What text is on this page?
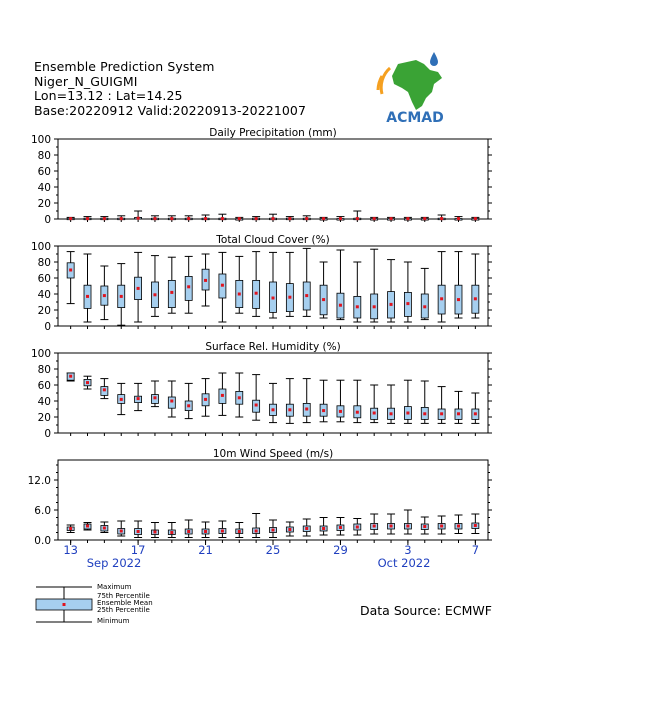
Ensemble Prediction System
Niger_N_GUIGMI
Lon=13.12 : Lat=14.25
Base:20220912 Valid:20220913-20221007	ACMAD
Daily Precipitation (mm)
0
20
40
60
80
100
Total Cloud Cover (%)
0
20
40
60
80
100
Surface Rel. Humidity (%)
0
20
40
60
80
100
10m Wind Speed (m/s)
0.0
6.0
12.0
13	17	21	25	29	3	7
Sep 2022	Oct 2022
Maximum
75th Percentile
Ensemble Mean
25th Percentile
Minimum
Data Source: ECMWF
